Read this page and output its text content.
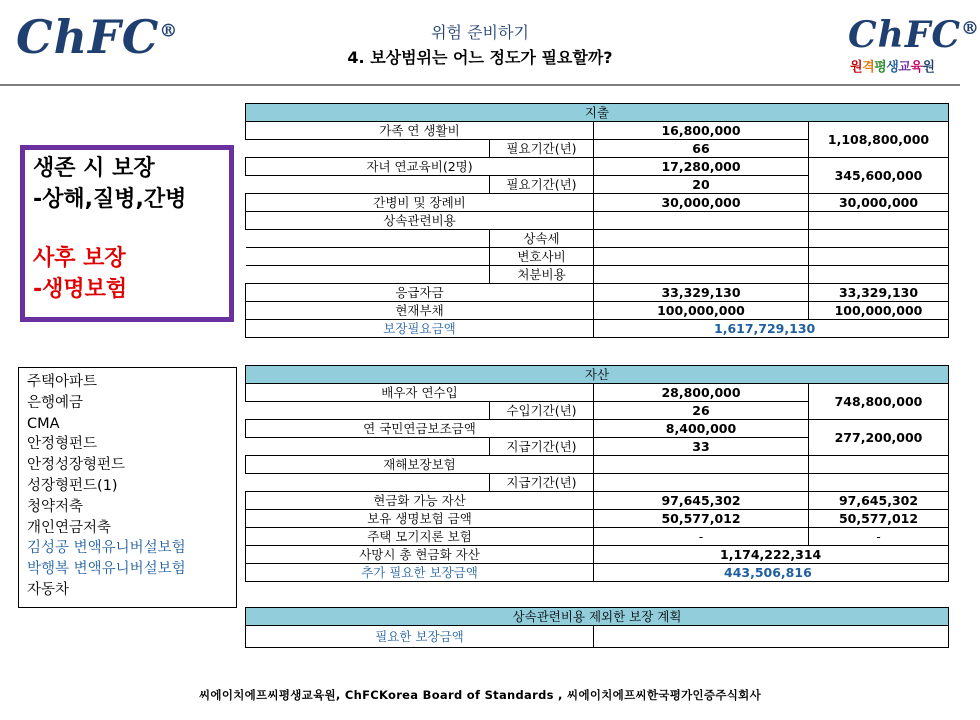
ChFC®	ChFC®
원격평생교육원
위험 준비하기
4. 보상범위는 어느 정도가 필요할까?
생존 시 보장
-상해,질병,간병
사후 보장
-생명보험
주택아파트
은행예금
CMA
안정형펀드
안정성장형펀드
성장형펀드(1)
청약저축
개인연금저축
김성공 변액유니버설보험
박행복 변액유니버설보험
자동차
지출			
가족 연 생활비		16,800,000	1,108,800,000
	필요기간(년)	66	
자녀 연교육비(2명)		17,280,000	345,600,000
	필요기간(년)	20	
간병비 및 장례비		30,000,000	30,000,000
상속관련비용			
	상속세		
	변호사비		
	처분비용		
응급자금		33,329,130	33,329,130
현재부채		100,000,000	100,000,000
보장필요금액		1,617,729,130	
자산			
배우자 연수입		28,800,000	748,800,000
	수입기간(년)	26	
연 국민연금보조금액		8,400,000	277,200,000
	지급기간(년)	33	
재해보장보험			
	지급기간(년)		
현금화 가능 자산		97,645,302	97,645,302
보유 생명보험 금액		50,577,012	50,577,012
주택 모기지론 보험		-	-
사망시 총 현금화 자산		1,174,222,314	
추가 필요한 보장금액		443,506,816	
상속관련비용 제외한 보장 계획
필요한 보장금액	
씨에이치에프씨평생교육원, ChFCKorea Board of Standards , 씨에이치에프씨한국평가인증주식회사
